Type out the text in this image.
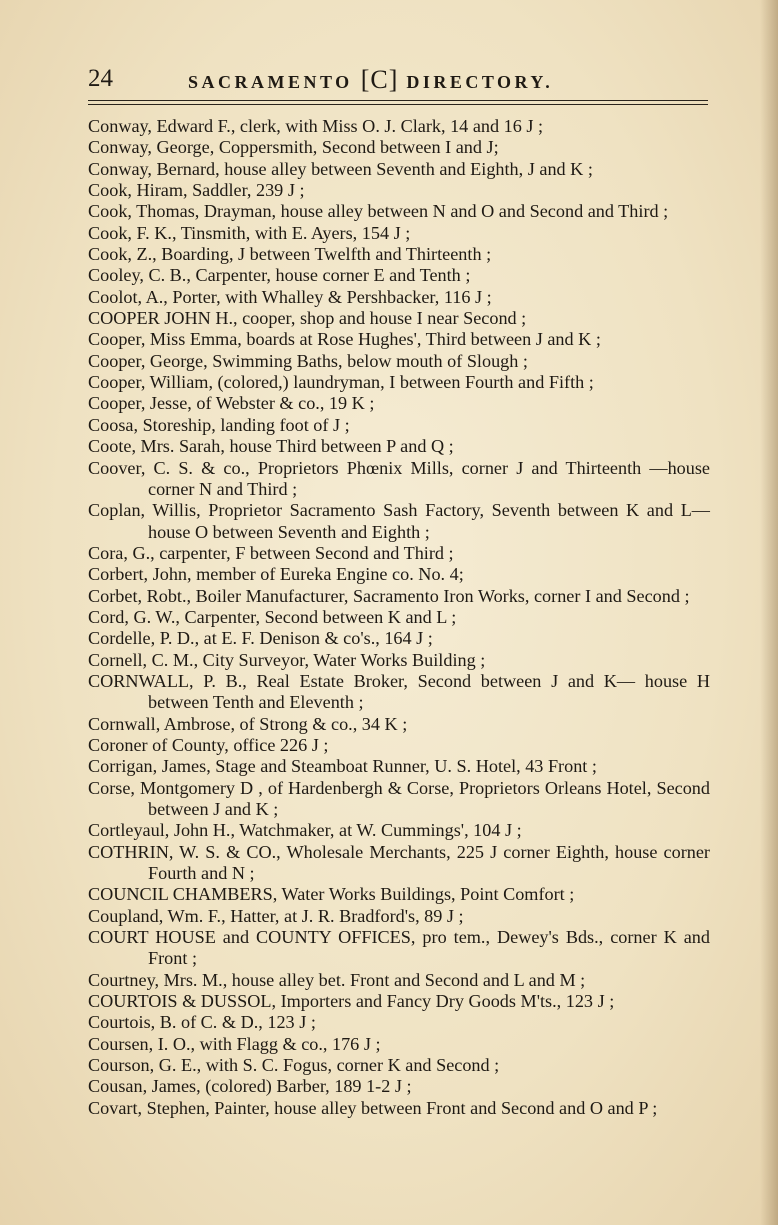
24	SACRAMENTO [C] DIRECTORY.
Conway, Edward F., clerk, with Miss O. J. Clark, 14 and 16 J ;
Conway, George, Coppersmith, Second between I and J;
Conway, Bernard, house alley between Seventh and Eighth, J and K ;
Cook, Hiram, Saddler, 239 J ;
Cook, Thomas, Drayman, house alley between N and O and Second and Third ;
Cook, F. K., Tinsmith, with E. Ayers, 154 J ;
Cook, Z., Boarding, J between Twelfth and Thirteenth ;
Cooley, C. B., Carpenter, house corner E and Tenth ;
Coolot, A., Porter, with Whalley & Pershbacker, 116 J ;
COOPER JOHN H., cooper, shop and house I near Second ;
Cooper, Miss Emma, boards at Rose Hughes', Third between J and K ;
Cooper, George, Swimming Baths, below mouth of Slough ;
Cooper, William, (colored,) laundryman, I between Fourth and Fifth ;
Cooper, Jesse, of Webster & co., 19 K ;
Coosa, Storeship, landing foot of J ;
Coote, Mrs. Sarah, house Third between P and Q ;
Coover, C. S. & co., Proprietors Phœnix Mills, corner J and Thirteenth —house corner N and Third ;
Coplan, Willis, Proprietor Sacramento Sash Factory, Seventh between K and L—house O between Seventh and Eighth ;
Cora, G., carpenter, F between Second and Third ;
Corbert, John, member of Eureka Engine co. No. 4;
Corbet, Robt., Boiler Manufacturer, Sacramento Iron Works, corner I and Second ;
Cord, G. W., Carpenter, Second between K and L ;
Cordelle, P. D., at E. F. Denison & co's., 164 J ;
Cornell, C. M., City Surveyor, Water Works Building ;
CORNWALL, P. B., Real Estate Broker, Second between J and K— house H between Tenth and Eleventh ;
Cornwall, Ambrose, of Strong & co., 34 K ;
Coroner of County, office 226 J ;
Corrigan, James, Stage and Steamboat Runner, U. S. Hotel, 43 Front ;
Corse, Montgomery D , of Hardenbergh & Corse, Proprietors Orleans Hotel, Second between J and K ;
Cortleyaul, John H., Watchmaker, at W. Cummings', 104 J ;
COTHRIN, W. S. & CO., Wholesale Merchants, 225 J corner Eighth, house corner Fourth and N ;
COUNCIL CHAMBERS, Water Works Buildings, Point Comfort ;
Coupland, Wm. F., Hatter, at J. R. Bradford's, 89 J ;
COURT HOUSE and COUNTY OFFICES, pro tem., Dewey's Bds., corner K and Front ;
Courtney, Mrs. M., house alley bet. Front and Second and L and M ;
COURTOIS & DUSSOL, Importers and Fancy Dry Goods M'ts., 123 J ;
Courtois, B. of C. & D., 123 J ;
Coursen, I. O., with Flagg & co., 176 J ;
Courson, G. E., with S. C. Fogus, corner K and Second ;
Cousan, James, (colored) Barber, 189 1-2 J ;
Covart, Stephen, Painter, house alley between Front and Second and O and P ;
